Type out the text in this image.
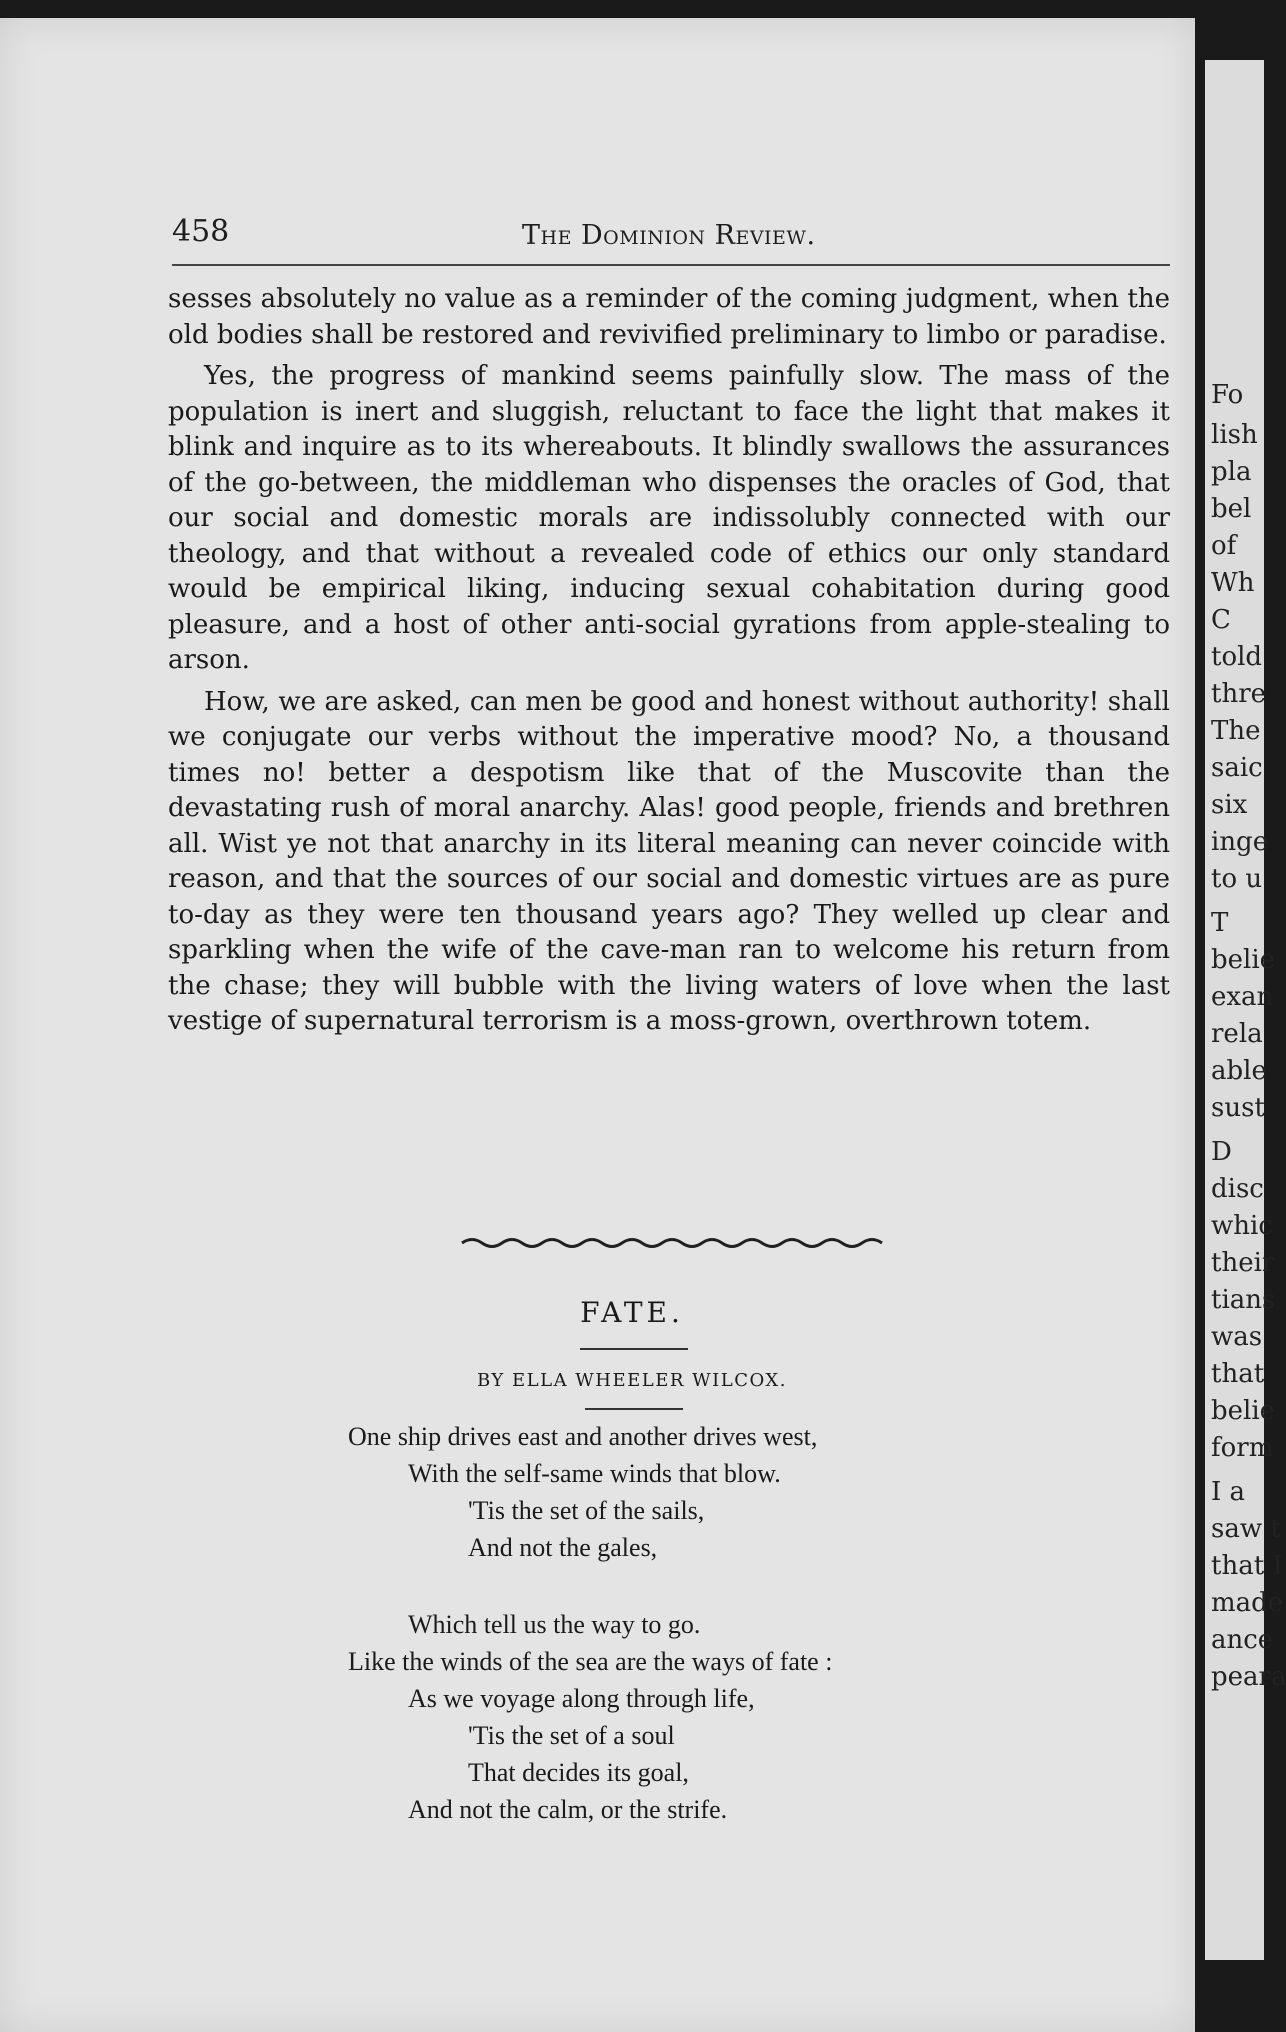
458	The Dominion Review.

sesses absolutely no value as a reminder of the coming judgment, when the old bodies shall be restored and revivified preliminary to limbo or paradise.

Yes, the progress of mankind seems painfully slow. The mass of the population is inert and sluggish, reluctant to face the light that makes it blink and inquire as to its whereabouts. It blindly swallows the assurances of the go-between, the middleman who dispenses the oracles of God, that our social and domestic morals are indissolubly connected with our theology, and that without a revealed code of ethics our only standard would be empirical liking, inducing sexual cohabitation during good pleasure, and a host of other anti-social gyrations from apple-stealing to arson.

How, we are asked, can men be good and honest without authority! shall we conjugate our verbs without the imperative mood? No, a thousand times no! better a despotism like that of the Muscovite than the devastating rush of moral anarchy. Alas! good people, friends and brethren all. Wist ye not that anarchy in its literal meaning can never coincide with reason, and that the sources of our social and domestic virtues are as pure to-day as they were ten thousand years ago? They welled up clear and sparkling when the wife of the cave-man ran to welcome his return from the chase; they will bubble with the living waters of love when the last vestige of supernatural terrorism is a moss-grown, overthrown totem.

FATE.
BY ELLA WHEELER WILCOX.
One ship drives east and another drives west,
With the self-same winds that blow.
'Tis the set of the sails,
And not the gales,
Which tell us the way to go.
Like the winds of the sea are the ways of fate :
As we voyage along through life,
'Tis the set of a soul
That decides its goal,
And not the calm, or the strife.
Fo
lish
pla
bel
of
Wh
C
told
thre
The
saic
six
inge
to u
T
belie
exan
rela
able
sust
D
disc
whic
their
tians
was
that
belie
form
I a
saw t
that I
made
ance
peara
